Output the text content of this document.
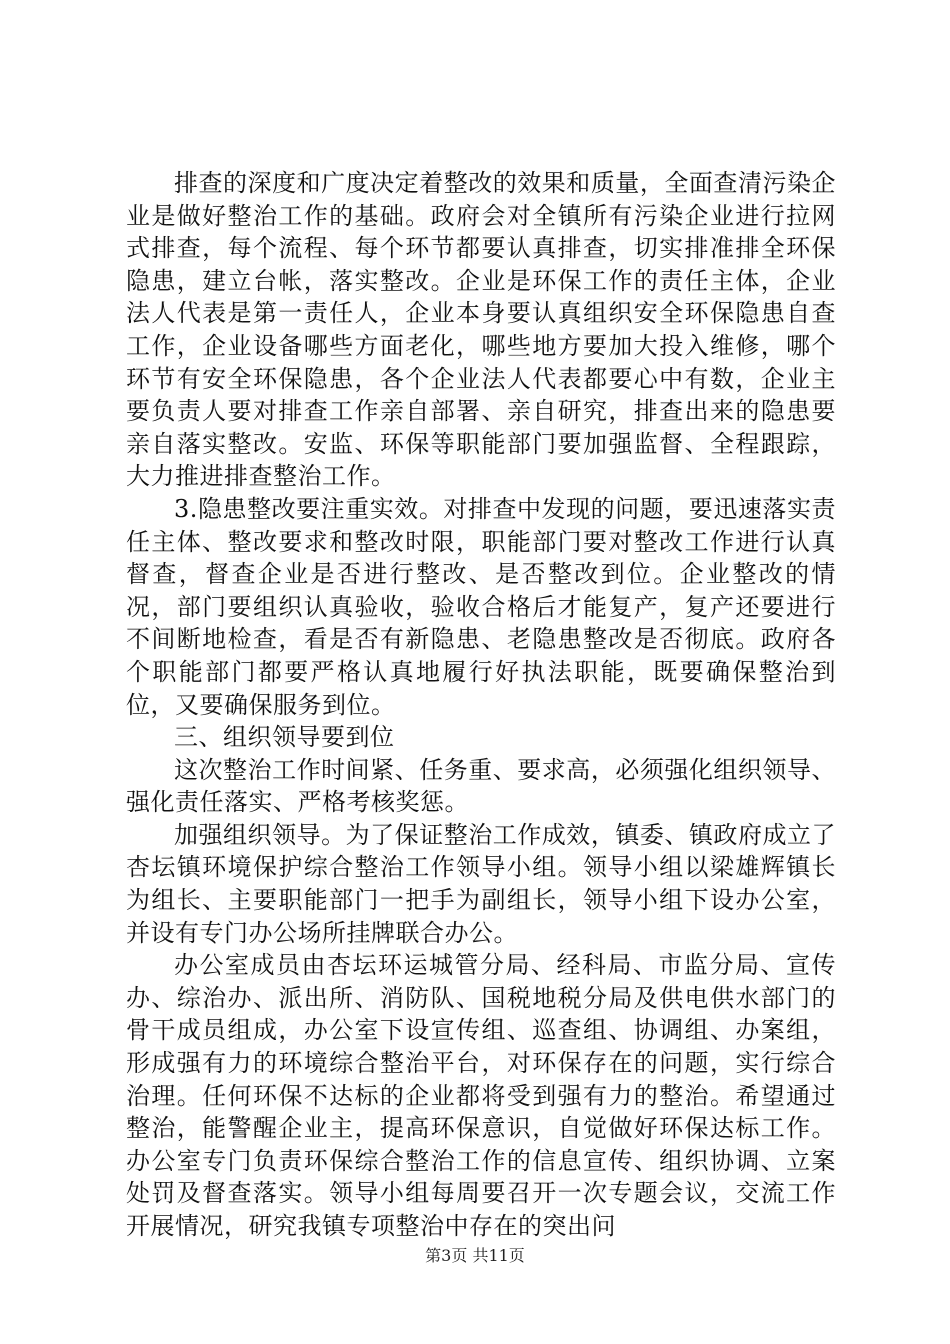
排查的深度和广度决定着整改的效果和质量，全面查清污染企业是做好整治工作的基础。政府会对全镇所有污染企业进行拉网式排查，每个流程、每个环节都要认真排查，切实排准排全环保隐患，建立台帐，落实整改。企业是环保工作的责任主体，企业法人代表是第一责任人，企业本身要认真组织安全环保隐患自查工作，企业设备哪些方面老化，哪些地方要加大投入维修，哪个环节有安全环保隐患，各个企业法人代表都要心中有数，企业主要负责人要对排查工作亲自部署、亲自研究，排查出来的隐患要亲自落实整改。安监、环保等职能部门要加强监督、全程跟踪，大力推进排查整治工作。

3.隐患整改要注重实效。对排查中发现的问题，要迅速落实责任主体、整改要求和整改时限，职能部门要对整改工作进行认真督查，督查企业是否进行整改、是否整改到位。企业整改的情况，部门要组织认真验收，验收合格后才能复产，复产还要进行不间断地检查，看是否有新隐患、老隐患整改是否彻底。政府各个职能部门都要严格认真地履行好执法职能，既要确保整治到位，又要确保服务到位。

三、组织领导要到位

这次整治工作时间紧、任务重、要求高，必须强化组织领导、强化责任落实、严格考核奖惩。

加强组织领导。为了保证整治工作成效，镇委、镇政府成立了杏坛镇环境保护综合整治工作领导小组。领导小组以梁雄辉镇长为组长、主要职能部门一把手为副组长，领导小组下设办公室，并设有专门办公场所挂牌联合办公。

办公室成员由杏坛环运城管分局、经科局、市监分局、宣传办、综治办、派出所、消防队、国税地税分局及供电供水部门的骨干成员组成，办公室下设宣传组、巡查组、协调组、办案组，形成强有力的环境综合整治平台，对环保存在的问题，实行综合治理。任何环保不达标的企业都将受到强有力的整治。希望通过整治，能警醒企业主，提高环保意识，自觉做好环保达标工作。办公室专门负责环保综合整治工作的信息宣传、组织协调、立案处罚及督查落实。领导小组每周要召开一次专题会议，交流工作开展情况，研究我镇专项整治中存在的突出问

第3页 共11页
